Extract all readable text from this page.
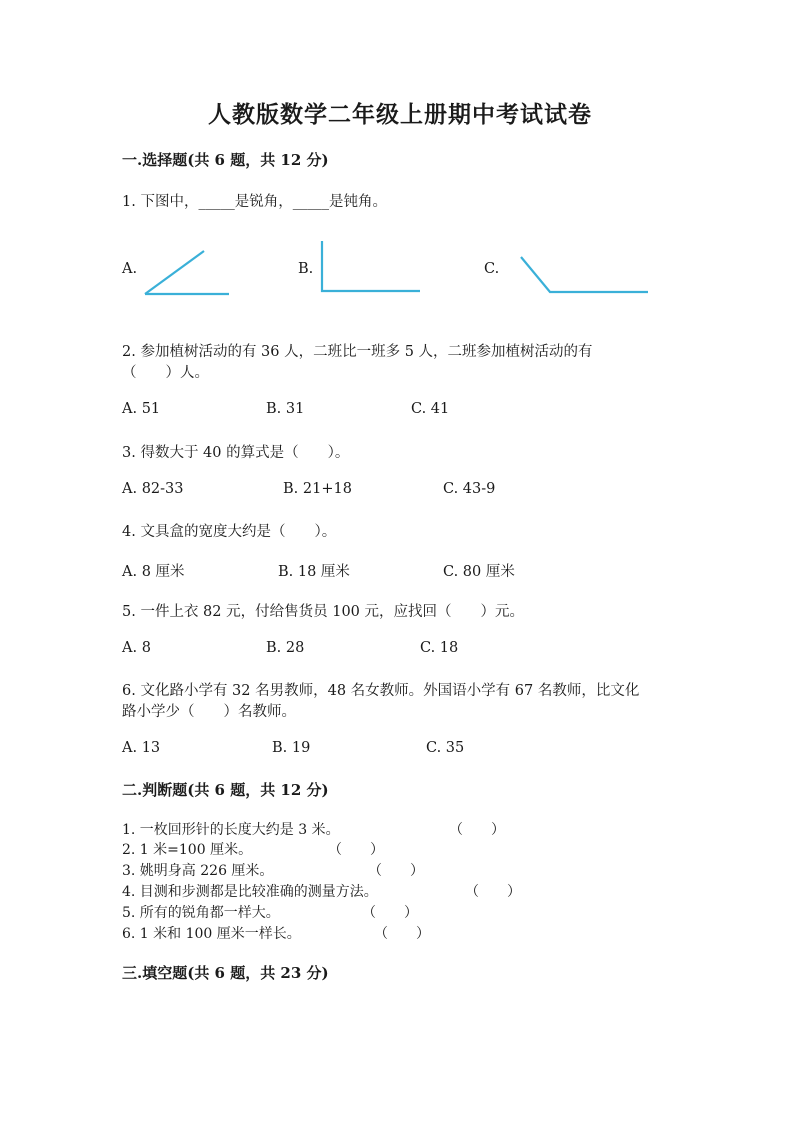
人教版数学二年级上册期中考试试卷
一.选择题(共 6 题，共 12 分)
1. 下图中，_____是锐角，_____是钝角。
A.	B.	C.
2. 参加植树活动的有 36 人，二班比一班多 5 人，二班参加植树活动的有
（　　）人。
A. 51	B. 31	C. 41
3. 得数大于 40 的算式是（　　）。
A. 82-33	B. 21+18	C. 43-9
4. 文具盒的宽度大约是（　　）。
A. 8 厘米	B. 18 厘米	C. 80 厘米
5. 一件上衣 82 元，付给售货员 100 元，应找回（　　）元。
A. 8	B. 28	C. 18
6. 文化路小学有 32 名男教师，48 名女教师。外国语小学有 67 名教师，比文化
路小学少（　　）名教师。
A. 13	B. 19	C. 35
二.判断题(共 6 题，共 12 分)
1. 一枚回形针的长度大约是 3 米。	（　　）
2. 1 米=100 厘米。	（　　）
3. 姚明身高 226 厘米。	（　　）
4. 目测和步测都是比较准确的测量方法。	（　　）
5. 所有的锐角都一样大。	（　　）
6. 1 米和 100 厘米一样长。	（　　）
三.填空题(共 6 题，共 23 分)
